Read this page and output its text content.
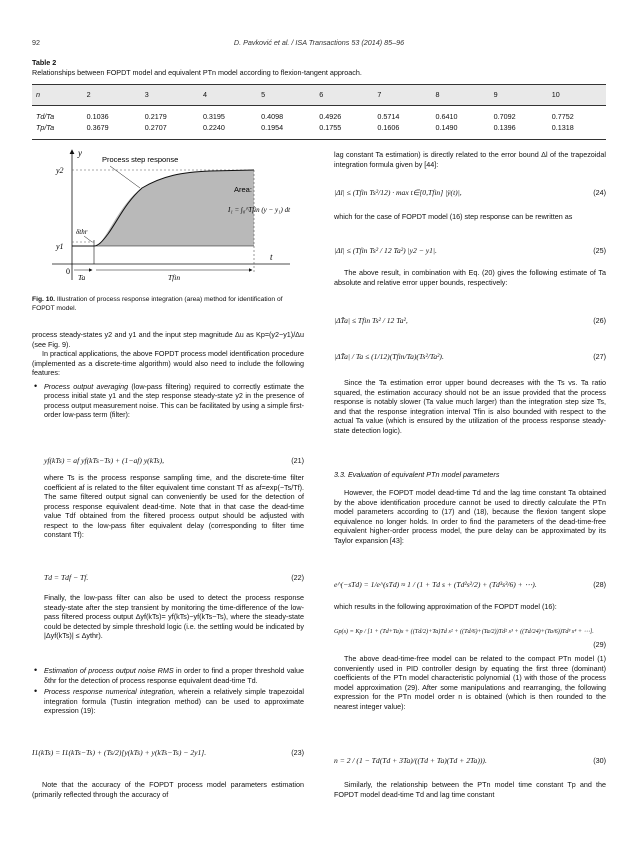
92	D. Pavković et al. / ISA Transactions 53 (2014) 85–96
Table 2
Relationships between FOPDT model and equivalent PTn model according to flexion-tangent approach.
n	2	3	4	5	6	7	8	9	10
Td/Ta	0.1036	0.2179	0.3195	0.4098	0.4926	0.5714	0.6410	0.7092	0.7752
Tp/Ta	0.3679	0.2707	0.2240	0.1954	0.1755	0.1606	0.1490	0.1396	0.1318
y
t
0
y2
y1
Process step response
Area:
I₁ = ∫₀^Tfin (y − y₁) dt
δthr
Ta	Tfin
Fig. 10. Illustration of process response integration (area) method for identification of FOPDT model.

process steady-states y2 and y1 and the input step magnitude Δu as Kp=(y2−y1)/Δu (see Fig. 9).

In practical applications, the above FOPDT process model identification procedure (implemented as a discrete-time algorithm) would also need to include the following features:

• Process output averaging (low-pass filtering) required to correctly estimate the process initial state y1 and the step response steady-state y2 in the presence of process output measurement noise. This can be facilitated by using a simple first-order low-pass term (filter):
yf(kTs) = af yf(kTs−Ts) + (1−af) y(kTs),	(21)
where Ts is the process response sampling time, and the discrete-time filter coefficient af is related to the filter equivalent time constant Tf as af=exp(−Ts/Tf). The same filtered output signal can conveniently be used for the detection of process response equivalent dead-time. Note that in that case the dead-time value Tdf obtained from the filtered process output should be adjusted with respect to the low-pass filter equivalent delay (corresponding to filter time constant Tf):
Td = Tdf − Tf.	(22)
Finally, the low-pass filter can also be used to detect the process response steady-state after the step transient by monitoring the time-difference of the low-pass filtered process output Δyf(kTs)= yf(kTs)−yf(kTs−Ts), where the steady-state could be detected by simple threshold logic (i.e. the settling would be indicated by |Δyf(kTs)| ≤ Δythr).
• Estimation of process output noise RMS in order to find a proper threshold value δthr for the detection of process response equivalent dead-time Td.
• Process response numerical integration, wherein a relatively simple trapezoidal integration formula (Tustin integration method) can be used to approximate expression (19):
I1(kTs) = I1(kTs−Ts) + (Ts/2)[y(kTs) + y(kTs−Ts) − 2y1].	(23)
Note that the accuracy of the FOPDT process model parameters estimation (primarily reflected through the accuracy of
lag constant Ta estimation) is directly related to the error bound Δl of the trapezoidal integration formula given by [44]:
|Δl| ≤ (Tfin Ts²/12) · max t∈[0,Tfin] |ÿ(t)|,	(24)
which for the case of FOPDT model (16) step response can be rewritten as
|Δl| ≤ (Tfin Ts² / 12 Ta²) |y2 − y1|.	(25)
The above result, in combination with Eq. (20) gives the following estimate of Ta absolute and relative error upper bounds, respectively:
|ΔT̂a| ≤ Tfin Ts² / 12 Ta²,	(26)
|ΔT̂a| / Ta ≤ (1/12)(Tfin/Ta)(Ts²/Ta²).	(27)
Since the Ta estimation error upper bound decreases with the Ts vs. Ta ratio squared, the estimation accuracy should not be an issue provided that the process response is notably slower (Ta value much larger) than the integration step size Ts, and that the response integration interval Tfin is also bounded with respect to the actual Ta value (which is ensured by the utilization of the process response steady-state detection logic).
3.3. Evaluation of equivalent PTn model parameters
However, the FOPDT model dead-time Td and the lag time constant Ta obtained by the above identification procedure cannot be used to directly calculate the PTn model parameters according to (17) and (18), because the flexion tangent slope equivalence no longer holds. In order to find the parameters of the dead-time-free equivalent higher-order process model, the pure delay can be approximated by its Taylor expansion [43]:
e^(−sTd) = 1/e^(sTd) ≈ 1 / (1 + Td s + (Td²s²/2) + (Td³s³/6) + ⋯).	(28)
which results in the following approximation of the FOPDT model (16):
Gp(s) = Kp / [1 + (Td+Ta)s + ((Td/2)+Ta)Td s² + ((Td/6)+(Ta/2))Td² s³ + ((Td/24)+(Ta/6))Td³ s⁴ + ⋯].
(29)
The above dead-time-free model can be related to the compact PTn model (1) conveniently used in PID controller design by equating the first three (dominant) coefficients of the PTn model characteristic polynomial (1) with those of the process model approximation (29). After some manipulations and rearranging, the following expression for the PTn model order n is obtained (which is then rounded to the nearest integer value):
n = 2 / (1 − Td(Td + 3Ta)/((Td + Ta)(Td + 2Ta))).	(30)
Similarly, the relationship between the PTn model time constant Tp and the FOPDT model dead-time Td and lag time constant
